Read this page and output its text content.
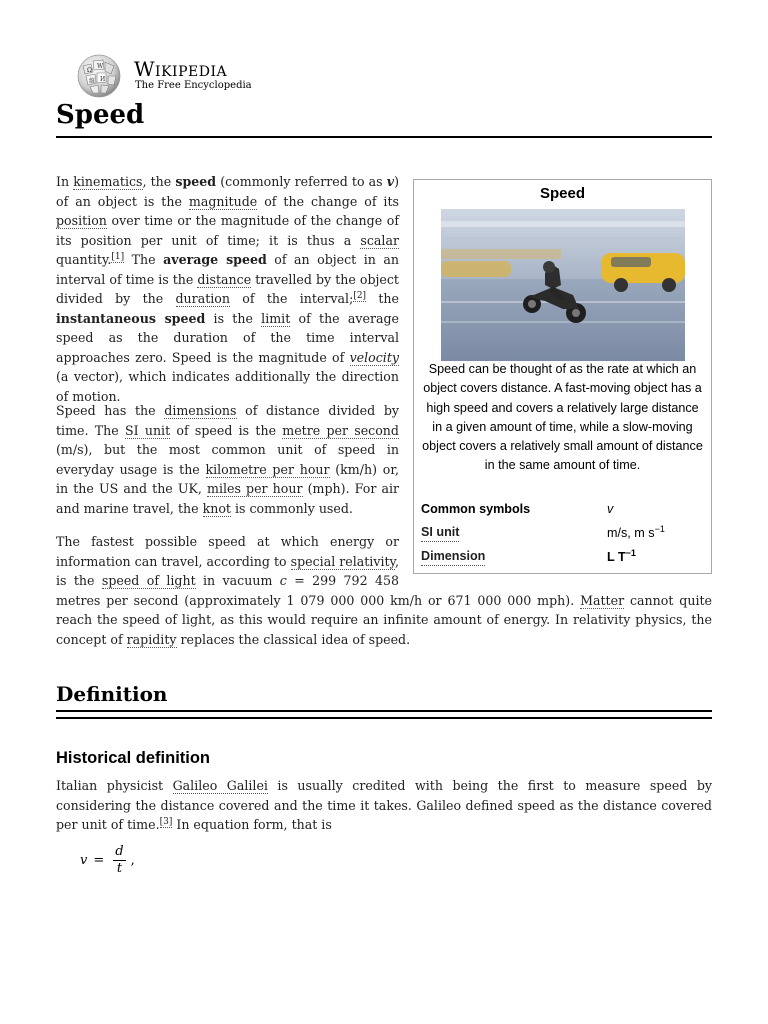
Ω
W
И
維
Wikipedia
The Free Encyclopedia
Speed
Speed
Speed can be thought of as the rate at which an object covers distance. A fast-moving object has a high speed and covers a relatively large distance in a given amount of time, while a slow-moving object covers a relatively small amount of distance in the same amount of time.
Common symbols	v
SI unit	m/s, m $s^{-1}$
Dimension	L $T^{-1}$

In kinematics, the speed (commonly referred to as v) of an object is the magnitude of the change of its position over time or the magnitude of the change of its position per unit of time; it is thus a scalar quantity.[1] The average speed of an object in an interval of time is the distance travelled by the object divided by the duration of the interval;[2] the instantaneous speed is the limit of the average speed as the duration of the time interval approaches zero. Speed is the magnitude of velocity (a vector), which indicates additionally the direction of motion.

Speed has the dimensions of distance divided by time. The SI unit of speed is the metre per second (m/s), but the most common unit of speed in everyday usage is the kilometre per hour (km/h) or, in the US and the UK, miles per hour (mph). For air and marine travel, the knot is commonly used.

The fastest possible speed at which energy or information can travel, according to special relativity, is the speed of light in vacuum c = 299 792 458 metres per second (approximately 1 079 000 000 km/h or 671 000 000 mph). Matter cannot quite reach the speed of light, as this would require an infinite amount of energy. In relativity physics, the concept of rapidity replaces the classical idea of speed.

Definition
Historical definition

Italian physicist Galileo Galilei is usually credited with being the first to measure speed by considering the distance covered and the time it takes. Galileo defined speed as the distance covered per unit of time.[3] In equation form, that is

$v = \frac{d}{t}$ ,
